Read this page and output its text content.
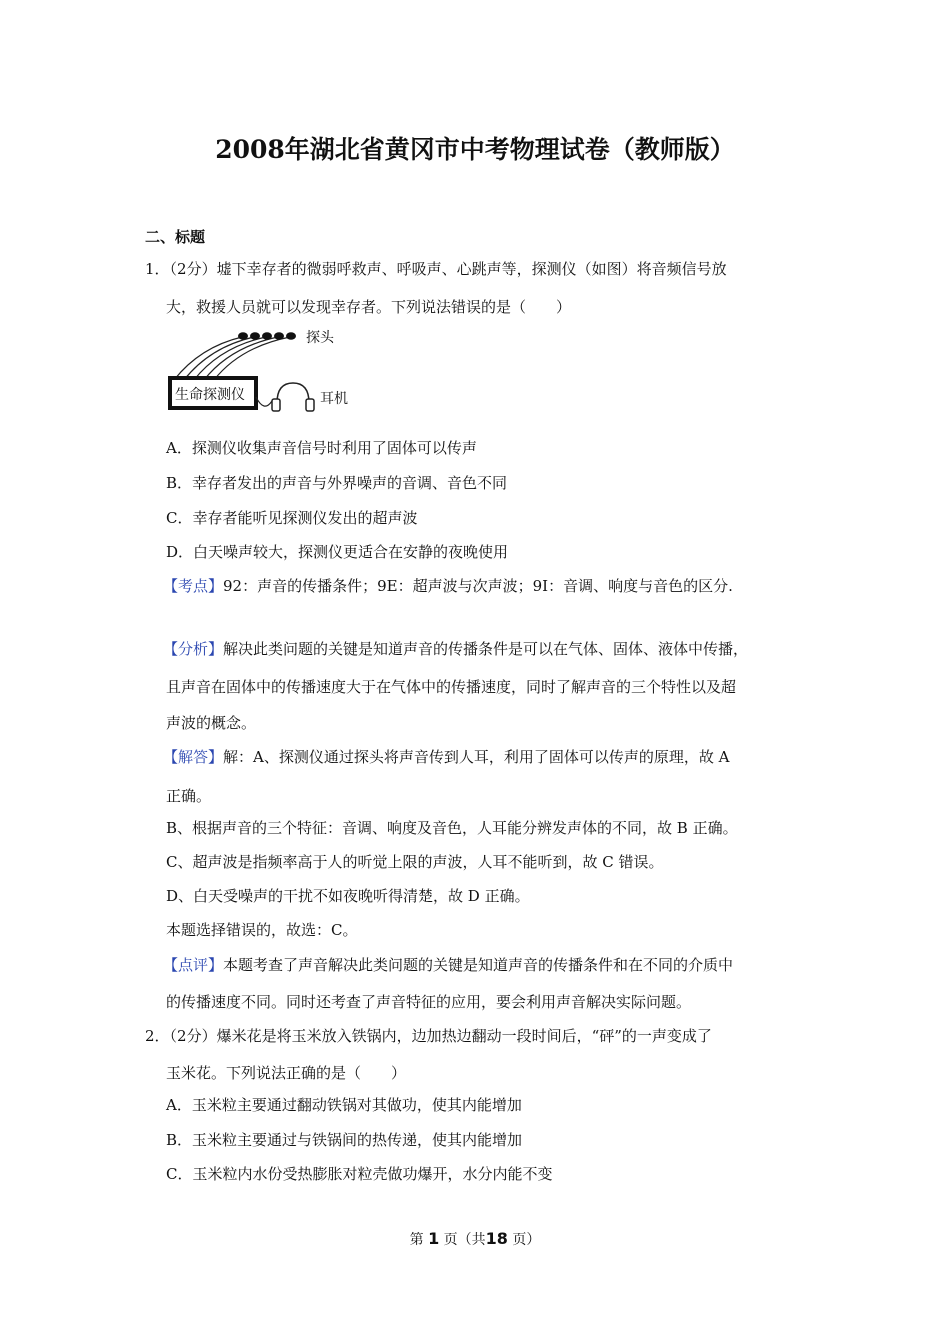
2008年湖北省黄冈市中考物理试卷（教师版）
二、标题
1．（2分）墟下幸存者的微弱呼救声、呼吸声、心跳声等，探测仪（如图）将音频信号放
大，救援人员就可以发现幸存者。下列说法错误的是（　　）
探头
生命探测仪	耳机
A．探测仪收集声音信号时利用了固体可以传声
B．幸存者发出的声音与外界噪声的音调、音色不同
C．幸存者能听见探测仪发出的超声波
D．白天噪声较大，探测仪更适合在安静的夜晚使用
【考点】92：声音的传播条件；9E：超声波与次声波；9I：音调、响度与音色的区分.
【分析】解决此类问题的关键是知道声音的传播条件是可以在气体、固体、液体中传播，
且声音在固体中的传播速度大于在气体中的传播速度，同时了解声音的三个特性以及超
声波的概念。
【解答】解：A、探测仪通过探头将声音传到人耳，利用了固体可以传声的原理，故 A
正确。
B、根据声音的三个特征：音调、响度及音色，人耳能分辨发声体的不同，故 B 正确。
C、超声波是指频率高于人的听觉上限的声波，人耳不能听到，故 C 错误。
D、白天受噪声的干扰不如夜晚听得清楚，故 D 正确。
本题选择错误的，故选：C。
【点评】本题考查了声音解决此类问题的关键是知道声音的传播条件和在不同的介质中
的传播速度不同。同时还考查了声音特征的应用，要会利用声音解决实际问题。
2．（2分）爆米花是将玉米放入铁锅内，边加热边翻动一段时间后，“砰”的一声变成了
玉米花。下列说法正确的是（　　）
A．玉米粒主要通过翻动铁锅对其做功，使其内能增加
B．玉米粒主要通过与铁锅间的热传递，使其内能增加
C．玉米粒内水份受热膨胀对粒壳做功爆开，水分内能不变
第 1 页（共18 页）
